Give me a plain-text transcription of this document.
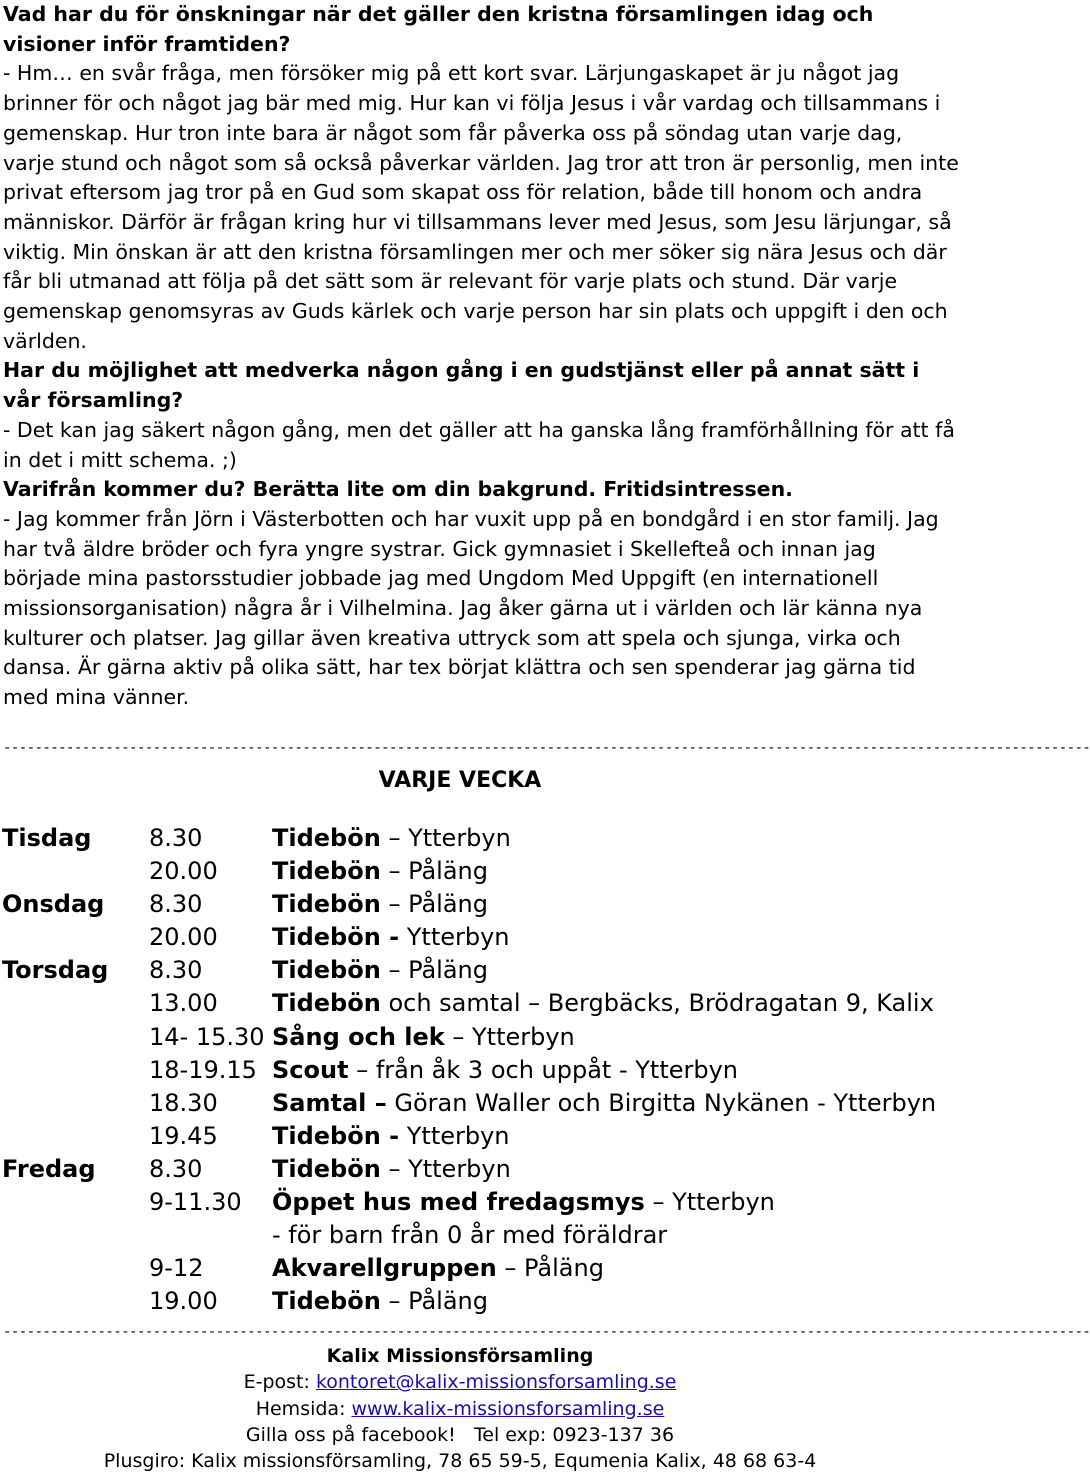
Vad har du för önskningar när det gäller den kristna församlingen idag och visioner inför framtiden?

- Hm… en svår fråga, men försöker mig på ett kort svar. Lärjungaskapet är ju något jag brinner för och något jag bär med mig. Hur kan vi följa Jesus i vår vardag och tillsammans i gemenskap. Hur tron inte bara är något som får påverka oss på söndag utan varje dag, varje stund och något som så också påverkar världen. Jag tror att tron är personlig, men inte privat eftersom jag tror på en Gud som skapat oss för relation, både till honom och andra människor. Därför är frågan kring hur vi tillsammans lever med Jesus, som Jesu lärjungar, så viktig. Min önskan är att den kristna församlingen mer och mer söker sig nära Jesus och där får bli utmanad att följa på det sätt som är relevant för varje plats och stund. Där varje gemenskap genomsyras av Guds kärlek och varje person har sin plats och uppgift i den och världen.

Har du möjlighet att medverka någon gång i en gudstjänst eller på annat sätt i vår församling?

- Det kan jag säkert någon gång, men det gäller att ha ganska lång framförhållning för att få in det i mitt schema. ;)

Varifrån kommer du? Berätta lite om din bakgrund. Fritidsintressen.

- Jag kommer från Jörn i Västerbotten och har vuxit upp på en bondgård i en stor familj. Jag har två äldre bröder och fyra yngre systrar. Gick gymnasiet i Skellefteå och innan jag började mina pastorsstudier jobbade jag med Ungdom Med Uppgift (en internationell missionsorganisation) några år i Vilhelmina. Jag åker gärna ut i världen och lär känna nya kulturer och platser. Jag gillar även kreativa uttryck som att spela och sjunga, virka och dansa. Är gärna aktiv på olika sätt, har tex börjat klättra och sen spenderar jag gärna tid med mina vänner.

------------------------------------------------------------------------------------------------------------------------------------------
VARJE VECKA
Tisdag 8.30	Tidebön – Ytterbyn
20.00 Tidebön – Påläng
Onsdag 8.30	Tidebön – Påläng
20.00 Tidebön - Ytterbyn
Torsdag 8.30	Tidebön – Påläng
13.00 Tidebön och samtal – Bergbäcks, Brödragatan 9, Kalix
14- 15.30 Sång och lek – Ytterbyn
18-19.15 Scout – från åk 3 och uppåt - Ytterbyn
18.30 Samtal – Göran Waller och Birgitta Nykänen - Ytterbyn
19.45 Tidebön - Ytterbyn
Fredag 8.30	Tidebön – Ytterbyn
9-11.30 Öppet hus med fredagsmys – Ytterbyn
- för barn från 0 år med föräldrar
9-12	Akvarellgruppen – Påläng
19.00 Tidebön – Påläng
------------------------------------------------------------------------------------------------------------------------------------------
Kalix Missionsförsamling
E-post: kontoret@kalix-missionsforsamling.se
Hemsida: www.kalix-missionsforsamling.se
Gilla oss på facebook!   Tel exp: 0923-137 36
Plusgiro: Kalix missionsförsamling, 78 65 59-5, Equmenia Kalix, 48 68 63-4
